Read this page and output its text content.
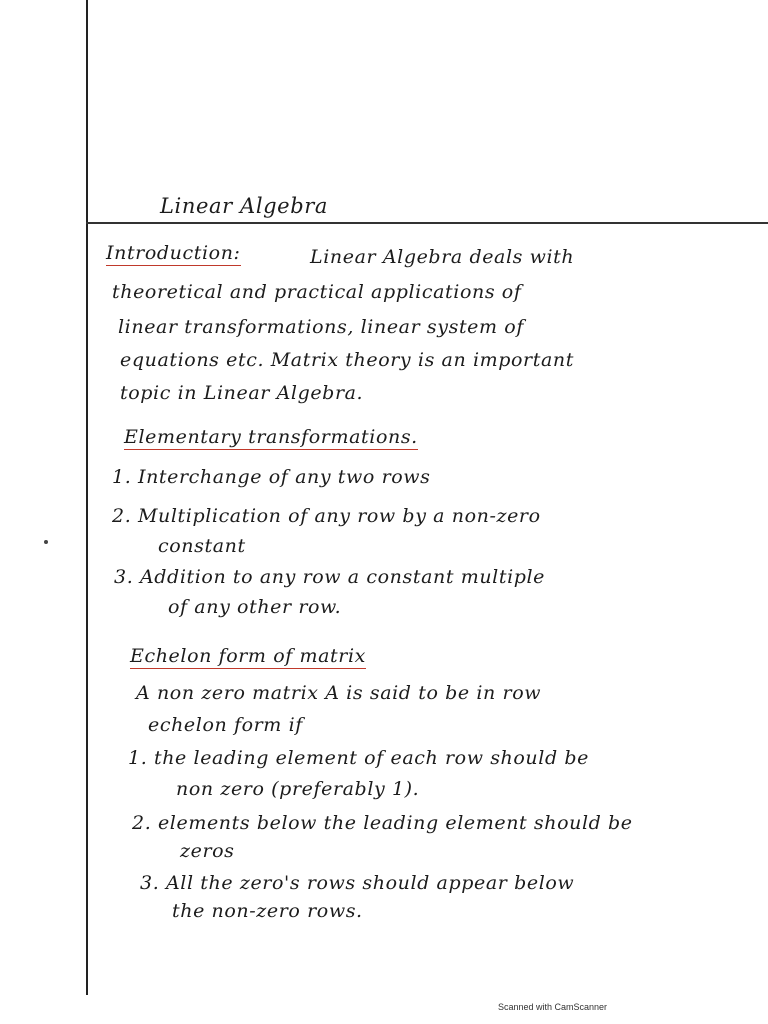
Linear Algebra
Introduction:	Linear Algebra deals with
theoretical and practical applications of
linear transformations, linear system of
equations etc. Matrix theory is an important
topic in Linear Algebra.
Elementary transformations.
1. Interchange of any two rows
2. Multiplication of any row by a non-zero
constant
3. Addition to any row a constant multiple
of any other row.
Echelon form of matrix
A non zero matrix A is said to be in row
echelon form if
1. the leading element of each row should be
non zero (preferably 1).
2. elements below the leading element should be
zeros
3. All the zero's rows should appear below
the non-zero rows.
Scanned with CamScanner
